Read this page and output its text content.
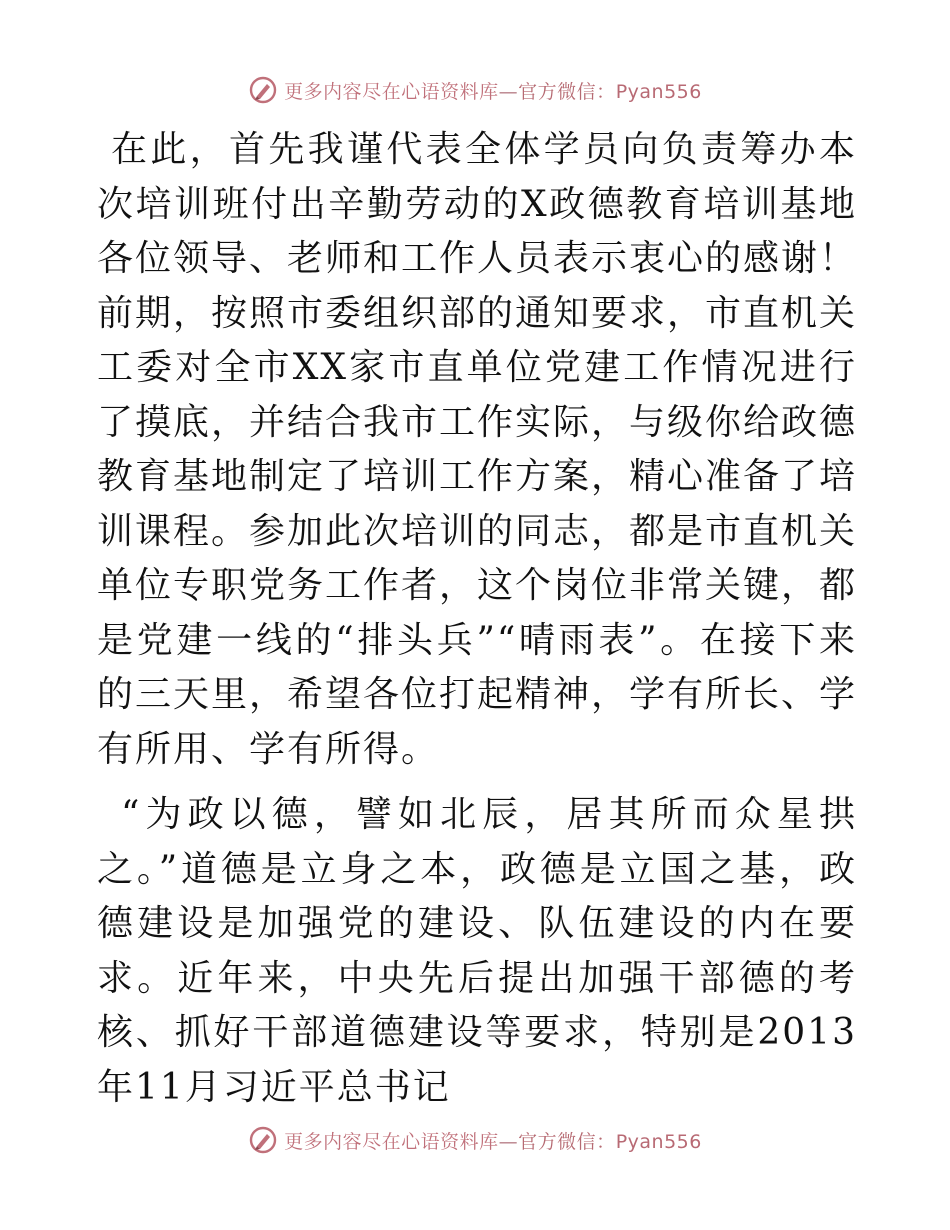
更多内容尽在心语资料库—官方微信：Pyan556

在此，首先我谨代表全体学员向负责筹办本次培训班付出辛勤劳动的X政德教育培训基地各位领导、老师和工作人员表示衷心的感谢！前期，按照市委组织部的通知要求，市直机关工委对全市XX家市直单位党建工作情况进行了摸底，并结合我市工作实际，与级你给政德教育基地制定了培训工作方案，精心准备了培训课程。参加此次培训的同志，都是市直机关单位专职党务工作者，这个岗位非常关键，都是党建一线的“排头兵”“晴雨表”。在接下来的三天里，希望各位打起精神，学有所长、学有所用、学有所得。

“为政以德，譬如北辰，居其所而众星拱之。”道德是立身之本，政德是立国之基，政德建设是加强党的建设、队伍建设的内在要求。近年来，中央先后提出加强干部德的考核、抓好干部道德建设等要求，特别是2013年11月习近平总书记

更多内容尽在心语资料库—官方微信：Pyan556
